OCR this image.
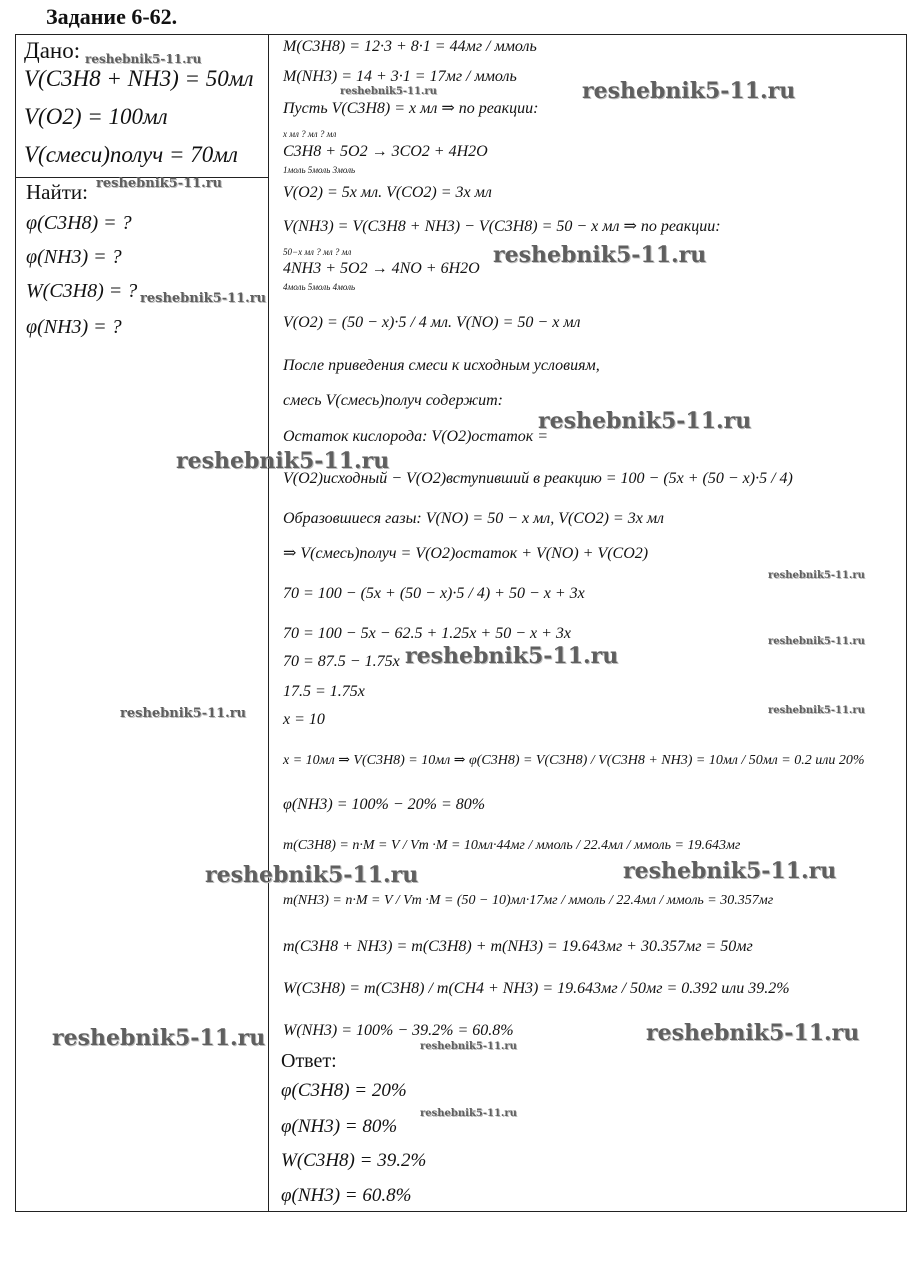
Задание 6-62.
Дано:
V(C3H8 + NH3) = 50мл
V(O2) = 100мл
V(смеси)получ = 70мл
Найти:
φ(C3H8) = ?
φ(NH3) = ?
W(C3H8) = ?
φ(NH3) = ?
M(C3H8) = 12·3 + 8·1 = 44мг / ммоль
M(NH3) = 14 + 3·1 = 17мг / ммоль
Пусть V(C3H8) = x мл ⇒ по реакции:
x мл ? мл ? мл
C3H8 + 5O2 → 3CO2 + 4H2O
1моль 5моль 3моль
V(O2) = 5x мл. V(CO2) = 3x мл
V(NH3) = V(C3H8 + NH3) − V(C3H8) = 50 − x мл ⇒ по реакции:
50−x мл ? мл ? мл
4NH3 + 5O2 → 4NO + 6H2O
4моль 5моль 4моль
V(O2) = (50 − x)·5 / 4 мл. V(NO) = 50 − x мл
После приведения смеси к исходным условиям,
смесь V(смесь)получ содержит:
Остаток кислорода: V(O2)остаток =
V(O2)исходный − V(O2)вступивший в реакцию = 100 − (5x + (50 − x)·5 / 4)
Образовшиеся газы: V(NO) = 50 − x мл, V(CO2) = 3x мл
⇒ V(смесь)получ = V(O2)остаток + V(NO) + V(CO2)
70 = 100 − (5x + (50 − x)·5 / 4) + 50 − x + 3x
70 = 100 − 5x − 62.5 + 1.25x + 50 − x + 3x
70 = 87.5 − 1.75x
17.5 = 1.75x
x = 10
x = 10мл ⇒ V(C3H8) = 10мл ⇒ φ(C3H8) = V(C3H8) / V(C3H8 + NH3) = 10мл / 50мл = 0.2 или 20%
φ(NH3) = 100% − 20% = 80%
m(C3H8) = n·M = V / Vm ·M = 10мл·44мг / ммоль / 22.4мл / ммоль = 19.643мг
m(NH3) = n·M = V / Vm ·M = (50 − 10)мл·17мг / ммоль / 22.4мл / ммоль = 30.357мг
m(C3H8 + NH3) = m(C3H8) + m(NH3) = 19.643мг + 30.357мг = 50мг
W(C3H8) = m(C3H8) / m(CH4 + NH3) = 19.643мг / 50мг = 0.392 или 39.2%
W(NH3) = 100% − 39.2% = 60.8%
Ответ:
φ(C3H8) = 20%
φ(NH3) = 80%
W(C3H8) = 39.2%
φ(NH3) = 60.8%
reshebnik5-11.ru
reshebnik5-11.ru	reshebnik5-11.ru
reshebnik5-11.ru
reshebnik5-11.ru
reshebnik5-11.ru
reshebnik5-11.ru
reshebnik5-11.ru
reshebnik5-11.ru
reshebnik5-11.ru
reshebnik5-11.ru
reshebnik5-11.ru	reshebnik5-11.ru
reshebnik5-11.ru	reshebnik5-11.ru
reshebnik5-11.ru	reshebnik5-11.ru
reshebnik5-11.ru
reshebnik5-11.ru
